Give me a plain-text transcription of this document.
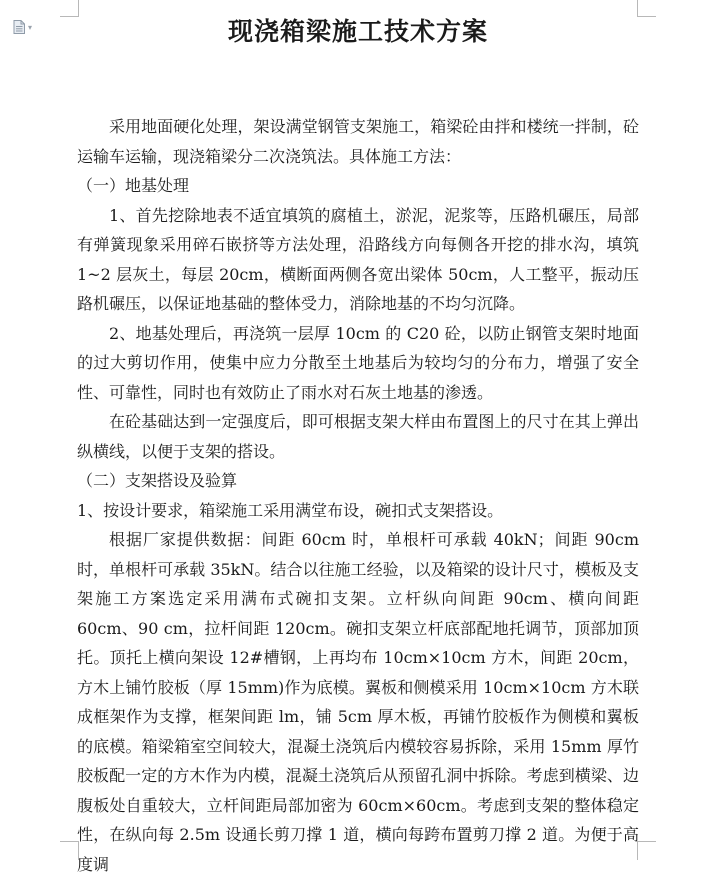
▾	现浇箱梁施工技术方案

采用地面硬化处理，架设满堂钢管支架施工，箱梁砼由拌和楼统一拌制，砼运输车运输，现浇箱梁分二次浇筑法。具体施工方法：

（一）地基处理

1、首先挖除地表不适宜填筑的腐植土，淤泥，泥浆等，压路机碾压，局部有弹簧现象采用碎石嵌挤等方法处理，沿路线方向每侧各开挖的排水沟，填筑 1~2 层灰土，每层 20cm，横断面两侧各宽出梁体 50cm，人工整平，振动压路机碾压，以保证地基础的整体受力，消除地基的不均匀沉降。

2、地基处理后，再浇筑一层厚 10cm 的 C20 砼，以防止钢管支架时地面的过大剪切作用，使集中应力分散至土地基后为较均匀的分布力，增强了安全性、可靠性，同时也有效防止了雨水对石灰土地基的渗透。

在砼基础达到一定强度后，即可根据支架大样由布置图上的尺寸在其上弹出纵横线，以便于支架的搭设。

（二）支架搭设及验算

1、按设计要求，箱梁施工采用满堂布设，碗扣式支架搭设。

根据厂家提供数据：间距 60cm 时，单根杆可承载 40kN；间距 90cm 时，单根杆可承载 35kN。结合以往施工经验，以及箱梁的设计尺寸，模板及支架施工方案选定采用满布式碗扣支架。立杆纵向间距 90cm、横向间距 60cm、90 cm，拉杆间距 120cm。碗扣支架立杆底部配地托调节，顶部加顶托。顶托上横向架设 12#槽钢，上再均布 10cm×10cm 方木，间距 20cm，方木上铺竹胶板（厚 15mm)作为底模。翼板和侧模采用 10cm×10cm 方木联成框架作为支撑，框架间距 lm，铺 5cm 厚木板，再铺竹胶板作为侧模和翼板的底模。箱梁箱室空间较大，混凝土浇筑后内模较容易拆除，采用 15mm 厚竹胶板配一定的方木作为内模，混凝土浇筑后从预留孔洞中拆除。考虑到横梁、边腹板处自重较大，立杆间距局部加密为 60cm×60cm。考虑到支架的整体稳定性，在纵向每 2.5m 设通长剪刀撑 1 道，横向每跨布置剪刀撑 2 道。为便于高度调
